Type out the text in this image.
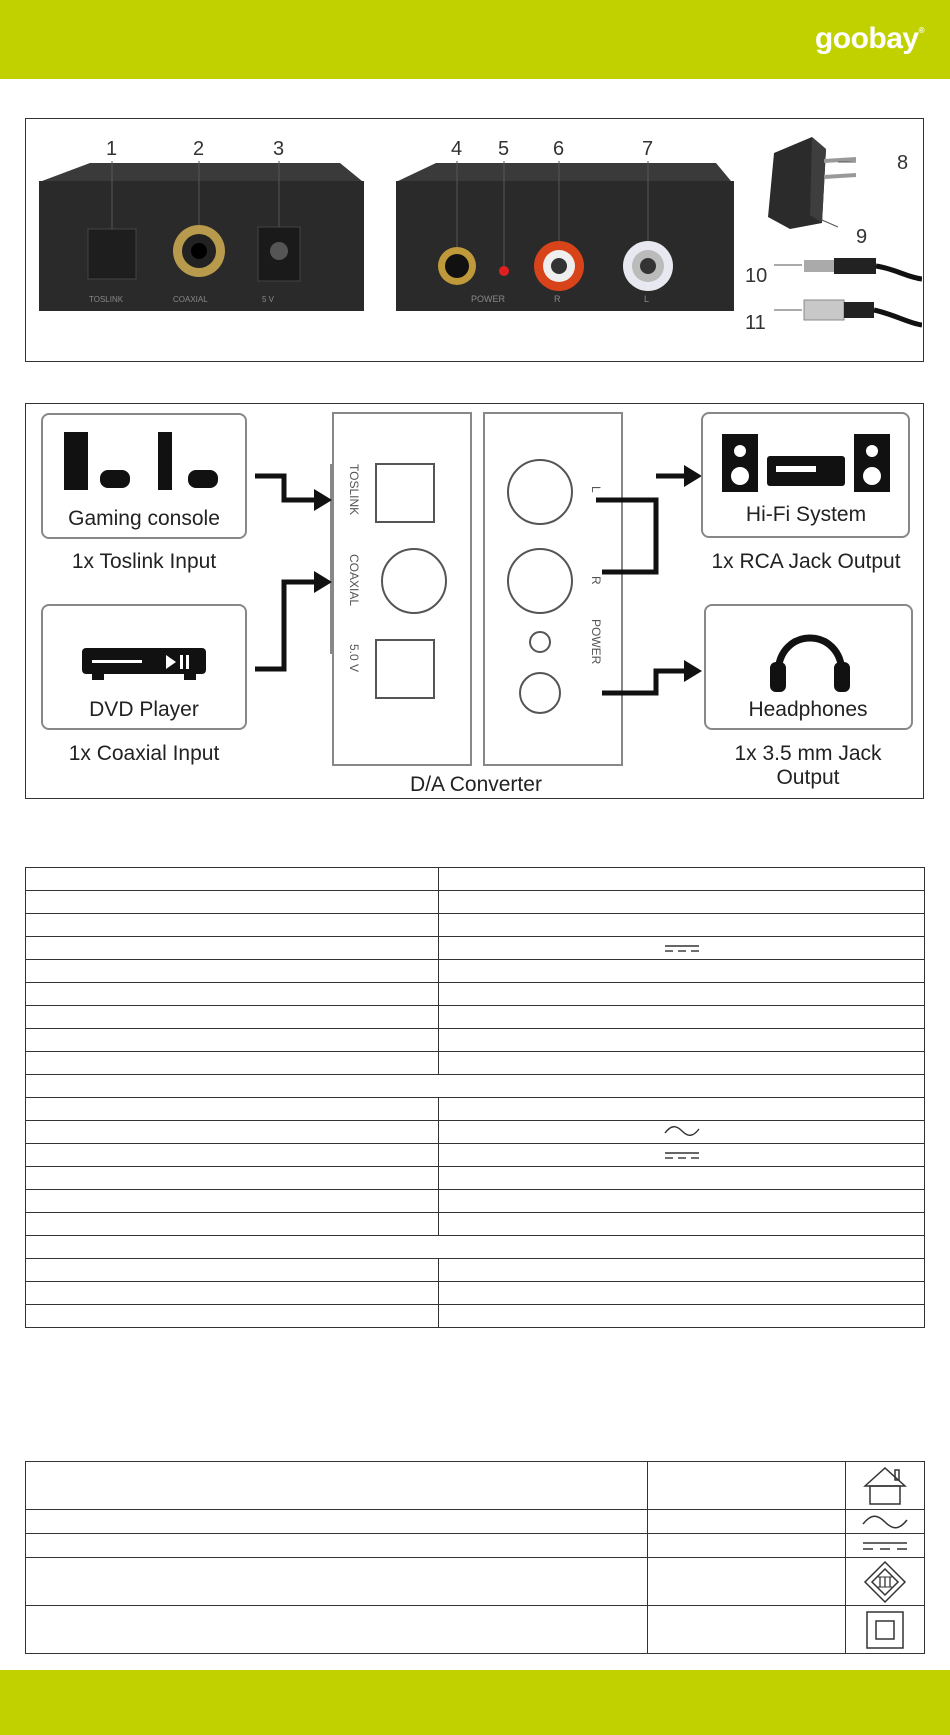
goobay®
TOSLINK	COAXIAL	5 V	POWER	R	L
1	2	3	4 5 6	7
8
9
10
11
Gaming console
1x Toslink Input
DVD Player
1x Coaxial Input
TOSLINK
COAXIAL
5.0 V
L
R
POWER
D/A Converter
Hi-Fi System
1x RCA Jack Output
Headphones
1x 3.5 mm Jack
Output
